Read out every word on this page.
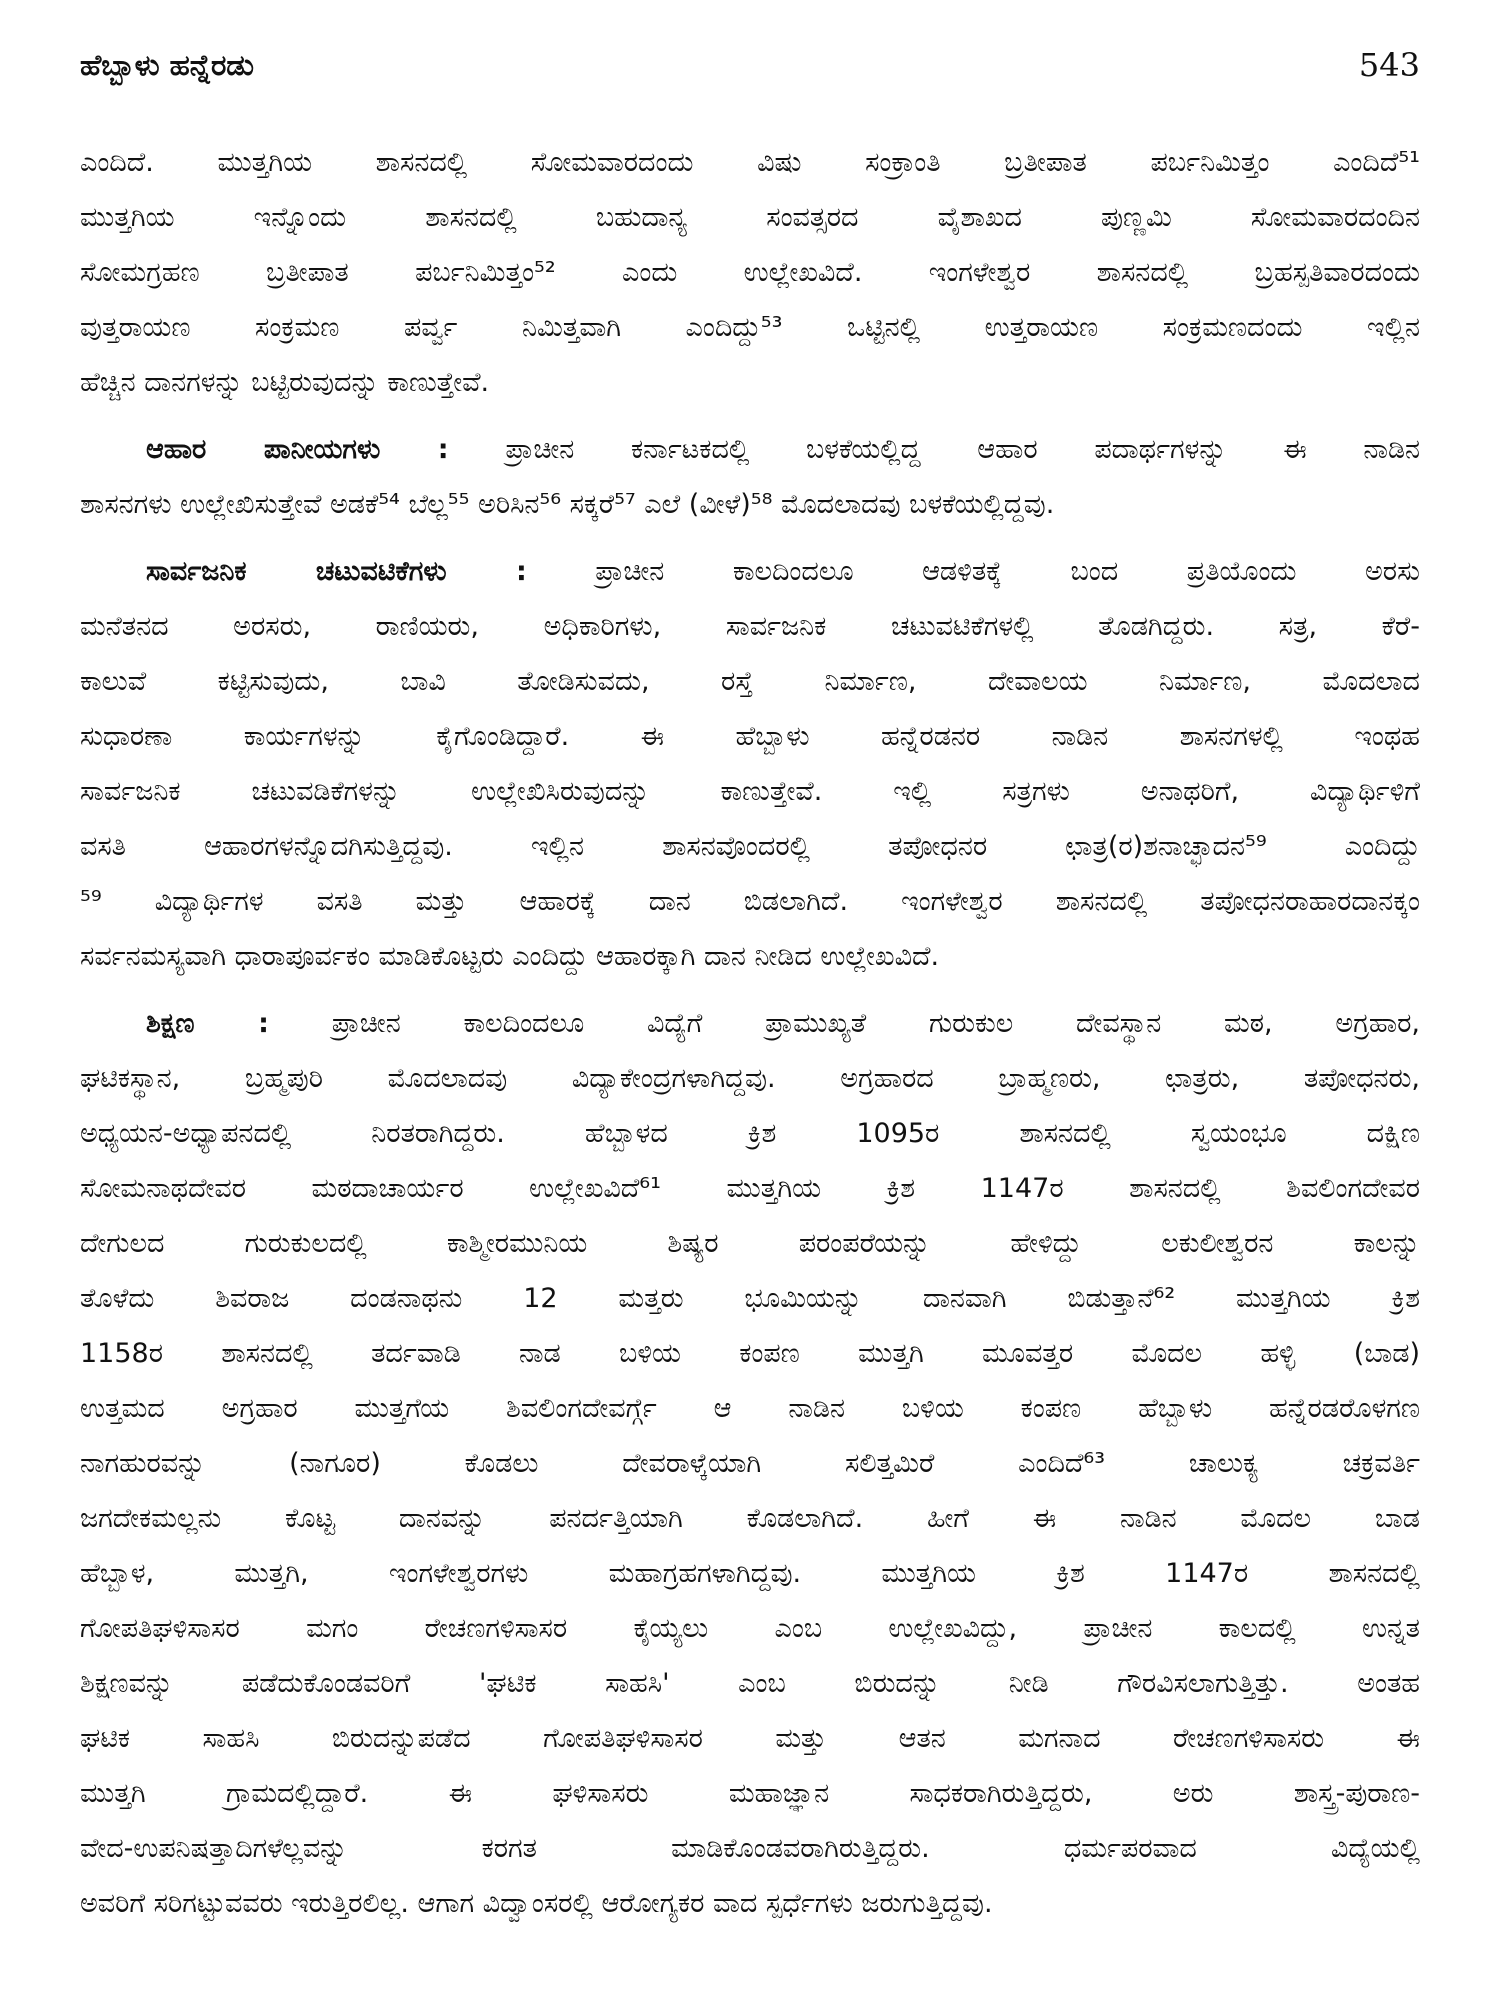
ಹೆಬ್ಬಾಳು ಹನ್ನೆರಡು	543
ಎಂದಿದೆ. ಮುತ್ತಗಿಯ ಶಾಸನದಲ್ಲಿ ಸೋಮವಾರದಂದು ವಿಷು ಸಂಕ್ರಾಂತಿ ಬ್ರತೀಪಾತ ಪರ್ಬನಿಮಿತ್ತಂ ಎಂದಿದೆ⁵¹
ಮುತ್ತಗಿಯ ಇನ್ನೊಂದು ಶಾಸನದಲ್ಲಿ ಬಹುದಾನ್ಯ ಸಂವತ್ಸರದ ವೈಶಾಖದ ಪುಣ್ಣಮಿ ಸೋಮವಾರದಂದಿನ
ಸೋಮಗ್ರಹಣ ಬ್ರತೀಪಾತ ಪರ್ಬನಿಮಿತ್ತಂ⁵² ಎಂದು ಉಲ್ಲೇಖವಿದೆ. ಇಂಗಳೇಶ್ವರ ಶಾಸನದಲ್ಲಿ ಬ್ರಹಸ್ಪತಿವಾರದಂದು
ವುತ್ತರಾಯಣ ಸಂಕ್ರಮಣ ಪರ್ವ್ವ ನಿಮಿತ್ತವಾಗಿ ಎಂದಿದ್ದು⁵³ ಒಟ್ಟಿನಲ್ಲಿ ಉತ್ತರಾಯಣ ಸಂಕ್ರಮಣದಂದು ಇಲ್ಲಿನ
ಹೆಚ್ಚಿನ ದಾನಗಳನ್ನು ಬಟ್ಟಿರುವುದನ್ನು ಕಾಣುತ್ತೇವೆ.
ಆಹಾರ ಪಾನೀಯಗಳು : ಪ್ರಾಚೀನ ಕರ್ನಾಟಕದಲ್ಲಿ ಬಳಕೆಯಲ್ಲಿದ್ದ ಆಹಾರ ಪದಾರ್ಥಗಳನ್ನು ಈ ನಾಡಿನ
ಶಾಸನಗಳು ಉಲ್ಲೇಖಿಸುತ್ತೇವೆ ಅಡಕೆ⁵⁴ ಬೆಲ್ಲ⁵⁵ ಅರಿಸಿನ⁵⁶ ಸಕ್ಕರೆ⁵⁷ ಎಲೆ (ವೀಳೆ)⁵⁸ ಮೊದಲಾದವು ಬಳಕೆಯಲ್ಲಿದ್ದವು.
ಸಾರ್ವಜನಿಕ ಚಟುವಟಿಕೆಗಳು : ಪ್ರಾಚೀನ ಕಾಲದಿಂದಲೂ ಆಡಳಿತಕ್ಕೆ ಬಂದ ಪ್ರತಿಯೊಂದು ಅರಸು
ಮನೆತನದ ಅರಸರು, ರಾಣಿಯರು, ಅಧಿಕಾರಿಗಳು, ಸಾರ್ವಜನಿಕ ಚಟುವಟಿಕೆಗಳಲ್ಲಿ ತೊಡಗಿದ್ದರು. ಸತ್ರ, ಕೆರೆ-
ಕಾಲುವೆ ಕಟ್ಟಿಸುವುದು, ಬಾವಿ ತೋಡಿಸುವದು, ರಸ್ತೆ ನಿರ್ಮಾಣ, ದೇವಾಲಯ ನಿರ್ಮಾಣ, ಮೊದಲಾದ
ಸುಧಾರಣಾ ಕಾರ್ಯಗಳನ್ನು ಕೈಗೊಂಡಿದ್ದಾರೆ. ಈ ಹೆಬ್ಬಾಳು ಹನ್ನೆರಡನರ ನಾಡಿನ ಶಾಸನಗಳಲ್ಲಿ ಇಂಥಹ
ಸಾರ್ವಜನಿಕ ಚಟುವಡಿಕೆಗಳನ್ನು ಉಲ್ಲೇಖಿಸಿರುವುದನ್ನು ಕಾಣುತ್ತೇವೆ. ಇಲ್ಲಿ ಸತ್ರಗಳು ಅನಾಥರಿಗೆ, ವಿದ್ಯಾರ್ಥಿಳಿಗೆ
ವಸತಿ ಆಹಾರಗಳನ್ನೊದಗಿಸುತ್ತಿದ್ದವು. ಇಲ್ಲಿನ ಶಾಸನವೊಂದರಲ್ಲಿ ತಪೋಧನರ ಛಾತ್ರ(ರ)ಶನಾಚ್ಛಾದನ⁵⁹ ಎಂದಿದ್ದು
⁵⁹ ವಿದ್ಯಾರ್ಥಿಗಳ ವಸತಿ ಮತ್ತು ಆಹಾರಕ್ಕೆ ದಾನ ಬಿಡಲಾಗಿದೆ. ಇಂಗಳೇಶ್ವರ ಶಾಸನದಲ್ಲಿ ತಪೋಧನರಾಹಾರದಾನಕ್ಕಂ
ಸರ್ವನಮಸ್ಯವಾಗಿ ಧಾರಾಪೂರ್ವಕಂ ಮಾಡಿಕೊಟ್ಟರು ಎಂದಿದ್ದು ಆಹಾರಕ್ಕಾಗಿ ದಾನ ನೀಡಿದ ಉಲ್ಲೇಖವಿದೆ.
ಶಿಕ್ಷಣ : ಪ್ರಾಚೀನ ಕಾಲದಿಂದಲೂ ವಿದ್ಯೆಗೆ ಪ್ರಾಮುಖ್ಯತೆ ಗುರುಕುಲ ದೇವಸ್ಥಾನ ಮಠ, ಅಗ್ರಹಾರ,
ಘಟಿಕಸ್ಥಾನ, ಬ್ರಹ್ಮಪುರಿ ಮೊದಲಾದವು ವಿದ್ಯಾಕೇಂದ್ರಗಳಾಗಿದ್ದವು. ಅಗ್ರಹಾರದ ಬ್ರಾಹ್ಮಣರು, ಛಾತ್ರರು, ತಪೋಧನರು,
ಅಧ್ಯಯನ-ಅಧ್ಯಾಪನದಲ್ಲಿ ನಿರತರಾಗಿದ್ದರು. ಹೆಬ್ಬಾಳದ ಕ್ರಿಶ 1095ರ ಶಾಸನದಲ್ಲಿ ಸ್ವಯಂಭೂ ದಕ್ಷಿಣ
ಸೋಮನಾಥದೇವರ ಮಠದಾಚಾರ್ಯರ ಉಲ್ಲೇಖವಿದೆ⁶¹ ಮುತ್ತಗಿಯ ಕ್ರಿಶ 1147ರ ಶಾಸನದಲ್ಲಿ ಶಿವಲಿಂಗದೇವರ
ದೇಗುಲದ ಗುರುಕುಲದಲ್ಲಿ ಕಾಶ್ಮೀರಮುನಿಯ ಶಿಷ್ಯರ ಪರಂಪರೆಯನ್ನು ಹೇಳಿದ್ದು ಲಕುಲೀಶ್ವರನ ಕಾಲನ್ನು
ತೊಳೆದು ಶಿವರಾಜ ದಂಡನಾಥನು 12 ಮತ್ತರು ಭೂಮಿಯನ್ನು ದಾನವಾಗಿ ಬಿಡುತ್ತಾನೆ⁶² ಮುತ್ತಗಿಯ ಕ್ರಿಶ
1158ರ ಶಾಸನದಲ್ಲಿ ತರ್ದವಾಡಿ ನಾಡ ಬಳಿಯ ಕಂಪಣ ಮುತ್ತಗಿ ಮೂವತ್ತರ ಮೊದಲ ಹಳ್ಳಿ (ಬಾಡ)
ಉತ್ತಮದ ಅಗ್ರಹಾರ ಮುತ್ತಗೆಯ ಶಿವಲಿಂಗದೇವರ್ಗ್ಗೆ ಆ ನಾಡಿನ ಬಳಿಯ ಕಂಪಣ ಹೆಬ್ಬಾಳು ಹನ್ನೆರಡರೊಳಗಣ
ನಾಗಹುರವನ್ನು (ನಾಗೂರ) ಕೊಡಲು ದೇವರಾಳ್ಕೆಯಾಗಿ ಸಲಿತ್ತಮಿರೆ ಎಂದಿದೆ⁶³ ಚಾಲುಕ್ಯ ಚಕ್ರವರ್ತಿ
ಜಗದೇಕಮಲ್ಲನು ಕೊಟ್ಟ ದಾನವನ್ನು ಪನರ್ದತ್ತಿಯಾಗಿ ಕೊಡಲಾಗಿದೆ. ಹೀಗೆ ಈ ನಾಡಿನ ಮೊದಲ ಬಾಡ
ಹೆಬ್ಬಾಳ, ಮುತ್ತಗಿ, ಇಂಗಳೇಶ್ವರಗಳು ಮಹಾಗ್ರಹಗಳಾಗಿದ್ದವು. ಮುತ್ತಗಿಯ ಕ್ರಿಶ 1147ರ ಶಾಸನದಲ್ಲಿ
ಗೋಪತಿಘಳಿಸಾಸರ ಮಗಂ ರೇಚಣಗಳಿಸಾಸರ ಕೈಯ್ಯಲು ಎಂಬ ಉಲ್ಲೇಖವಿದ್ದು, ಪ್ರಾಚೀನ ಕಾಲದಲ್ಲಿ ಉನ್ನತ
ಶಿಕ್ಷಣವನ್ನು ಪಡೆದುಕೊಂಡವರಿಗೆ 'ಘಟಿಕ ಸಾಹಸಿ' ಎಂಬ ಬಿರುದನ್ನು ನೀಡಿ ಗೌರವಿಸಲಾಗುತ್ತಿತ್ತು. ಅಂತಹ
ಘಟಿಕ ಸಾಹಸಿ ಬಿರುದನ್ನುಪಡೆದ ಗೋಪತಿಘಳಿಸಾಸರ ಮತ್ತು ಆತನ ಮಗನಾದ ರೇಚಣಗಳಿಸಾಸರು ಈ
ಮುತ್ತಗಿ ಗ್ರಾಮದಲ್ಲಿದ್ದಾರೆ. ಈ ಘಳಿಸಾಸರು ಮಹಾಜ್ಞಾನ ಸಾಧಕರಾಗಿರುತ್ತಿದ್ದರು, ಅರು ಶಾಸ್ತ್ರ-ಪುರಾಣ-
ವೇದ-ಉಪನಿಷತ್ತಾದಿಗಳೆಲ್ಲವನ್ನು ಕರಗತ ಮಾಡಿಕೊಂಡವರಾಗಿರುತ್ತಿದ್ದರು. ಧರ್ಮಪರವಾದ ವಿದ್ಯೆಯಲ್ಲಿ
ಅವರಿಗೆ ಸರಿಗಟ್ಟುವವರು ಇರುತ್ತಿರಲಿಲ್ಲ. ಆಗಾಗ ವಿದ್ವಾಂಸರಲ್ಲಿ ಆರೋಗ್ಯಕರ ವಾದ ಸ್ಪರ್ಧೆಗಳು ಜರುಗುತ್ತಿದ್ದವು.
